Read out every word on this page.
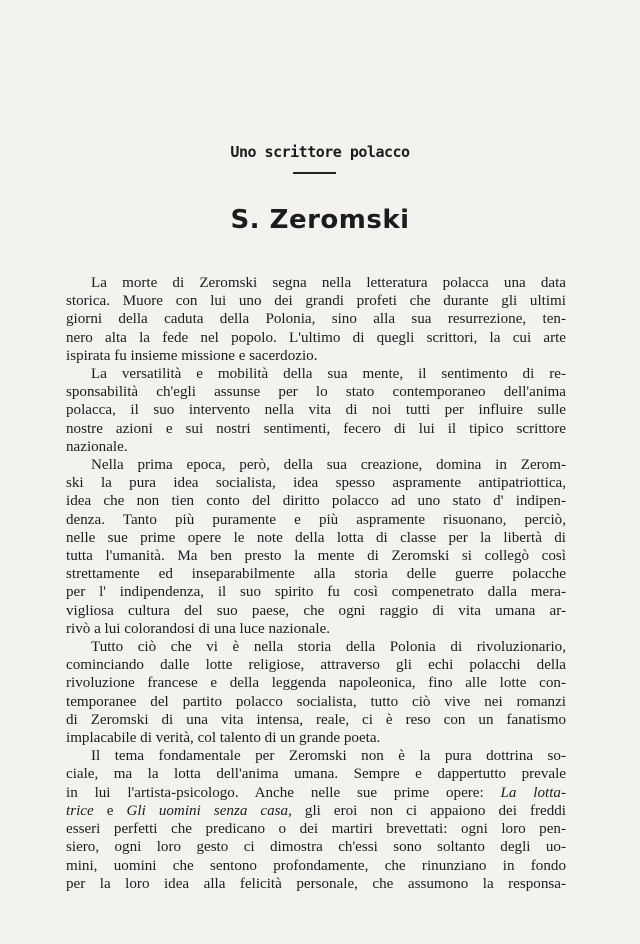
Uno scrittore polacco
S. Zeromski
La morte di Zeromski segna nella letteratura polacca una data
storica. Muore con lui uno dei grandi profeti che durante gli ultimi
giorni della caduta della Polonia, sino alla sua resurrezione, ten-
nero alta la fede nel popolo. L'ultimo di quegli scrittori, la cui arte
ispirata fu insieme missione e sacerdozio.
La versatilità e mobilità della sua mente, il sentimento di re-
sponsabilità ch'egli assunse per lo stato contemporaneo dell'anima
polacca, il suo intervento nella vita di noi tutti per influire sulle
nostre azioni e sui nostri sentimenti, fecero di lui il tipico scrittore
nazionale.
Nella prima epoca, però, della sua creazione, domina in Zerom-
ski la pura idea socialista, idea spesso aspramente antipatriottica,
idea che non tien conto del diritto polacco ad uno stato d' indipen-
denza. Tanto più puramente e più aspramente risuonano, perciò,
nelle sue prime opere le note della lotta di classe per la libertà di
tutta l'umanità. Ma ben presto la mente di Zeromski si collegò così
strettamente ed inseparabilmente alla storia delle guerre polacche
per l' indipendenza, il suo spirito fu così compenetrato dalla mera-
vigliosa cultura del suo paese, che ogni raggio di vita umana ar-
rivò a lui colorandosi di una luce nazionale.
Tutto ciò che vi è nella storia della Polonia di rivoluzionario,
cominciando dalle lotte religiose, attraverso gli echi polacchi della
rivoluzione francese e della leggenda napoleonica, fino alle lotte con-
temporanee del partito polacco socialista, tutto ciò vive nei romanzi
di Zeromski di una vita intensa, reale, ci è reso con un fanatismo
implacabile di verità, col talento di un grande poeta.
Il tema fondamentale per Zeromski non è la pura dottrina so-
ciale, ma la lotta dell'anima umana. Sempre e dappertutto prevale
in lui l'artista-psicologo. Anche nelle sue prime opere: La lotta-
trice e Gli uomini senza casa, gli eroi non ci appaiono dei freddi
esseri perfetti che predicano o dei martiri brevettati: ogni loro pen-
siero, ogni loro gesto ci dimostra ch'essi sono soltanto degli uo-
mini, uomini che sentono profondamente, che rinunziano in fondo
per la loro idea alla felicità personale, che assumono la responsa-
